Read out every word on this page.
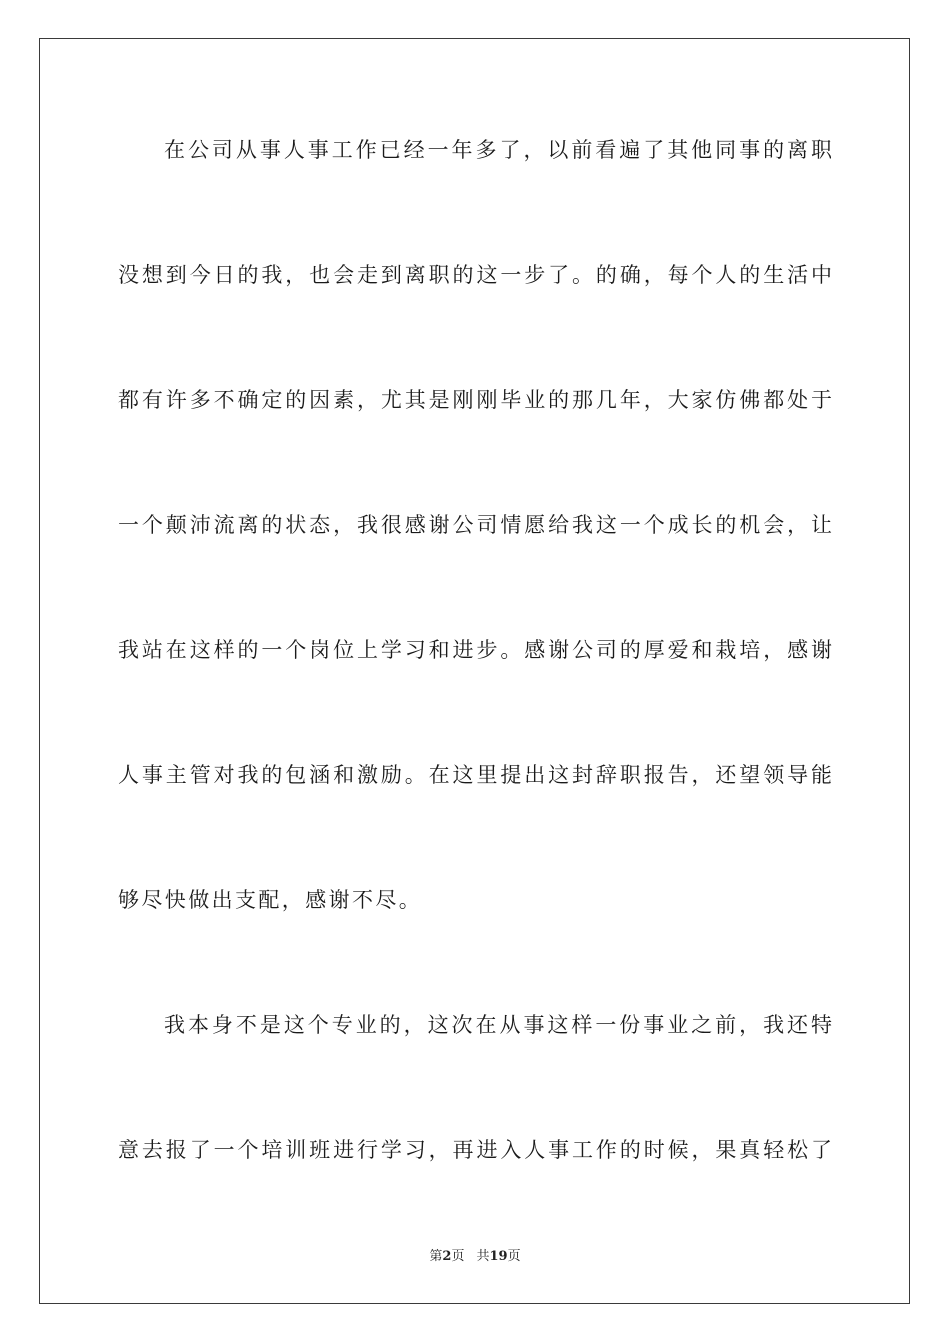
在公司从事人事工作已经一年多了，以前看遍了其他同事的离职

没想到今日的我，也会走到离职的这一步了。的确，每个人的生活中

都有许多不确定的因素，尤其是刚刚毕业的那几年，大家仿佛都处于

一个颠沛流离的状态，我很感谢公司情愿给我这一个成长的机会，让

我站在这样的一个岗位上学习和进步。感谢公司的厚爱和栽培，感谢

人事主管对我的包涵和激励。在这里提出这封辞职报告，还望领导能

够尽快做出支配，感谢不尽。

我本身不是这个专业的，这次在从事这样一份事业之前，我还特

意去报了一个培训班进行学习，再进入人事工作的时候，果真轻松了

第2页 共19页
